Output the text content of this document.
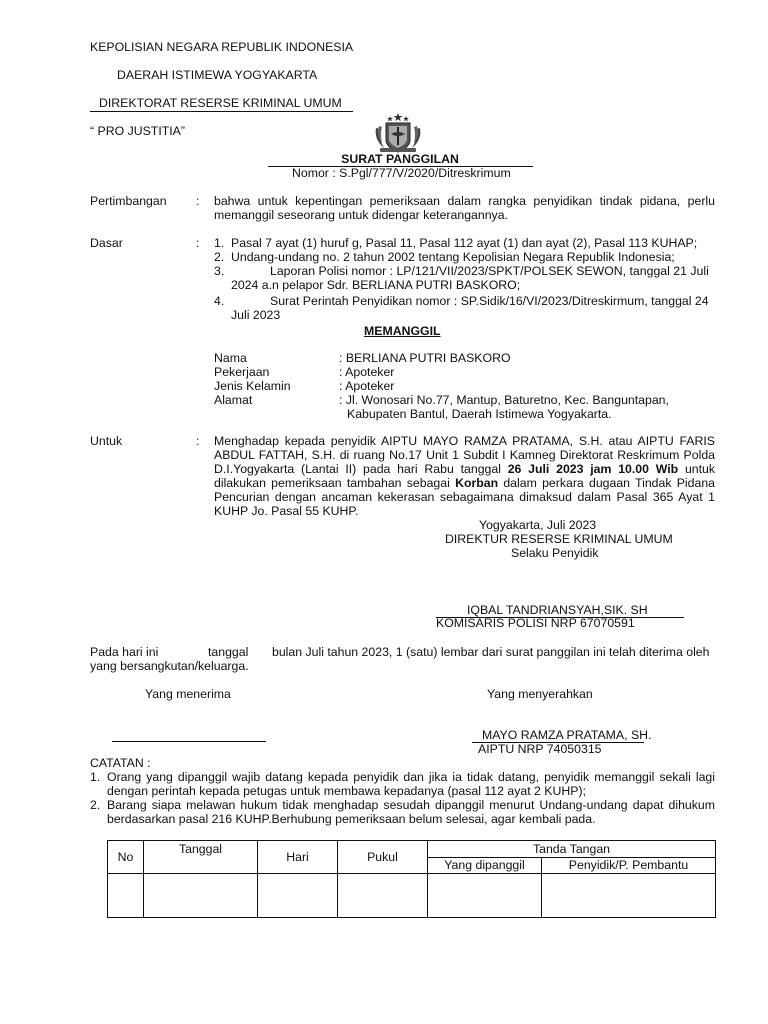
KEPOLISIAN NEGARA REPUBLIK INDONESIA
DAERAH ISTIMEWA YOGYAKARTA
DIREKTORAT RESERSE KRIMINAL UMUM
“ PRO JUSTITIA”
SURAT PANGGILAN
Nomor : S.Pgl/777/V/2020/Ditreskrimum
Pertimbangan : bahwa untuk kepentingan pemeriksaan dalam rangka penyidikan tindak pidana, perlu
memanggil seseorang untuk didengar keterangannya.
Dasar	: 1. Pasal 7 ayat (1) huruf g, Pasal 11, Pasal 112 ayat (1) dan ayat (2), Pasal 113 KUHAP;
2. Undang-undang no. 2 tahun 2002 tentang Kepolisian Negara Republik Indonesia;
3.	Laporan Polisi nomor : LP/121/VII/2023/SPKT/POLSEK SEWON, tanggal 21 Juli
2024 a.n pelapor Sdr. BERLIANA PUTRI BASKORO;
4.	Surat Perintah Penyidikan nomor : SP.Sidik/16/VI/2023/Ditreskirmum, tanggal 24
Juli 2023
MEMANGGIL
Nama	: BERLIANA PUTRI BASKORO
Pekerjaan	: Apoteker
Jenis Kelamin	: Apoteker
Alamat	: Jl. Wonosari No.77, Mantup, Baturetno, Kec. Banguntapan,
Kabupaten Bantul, Daerah Istimewa Yogyakarta.
Untuk	: Menghadap kepada penyidik AIPTU MAYO RAMZA PRATAMA, S.H. atau AIPTU FARIS
ABDUL FATTAH, S.H. di ruang No.17 Unit 1 Subdit I Kamneg Direktorat Reskrimum Polda
D.I.Yogyakarta (Lantai II) pada hari Rabu tanggal 26 Juli 2023 jam 10.00 Wib untuk
dilakukan pemeriksaan tambahan sebagai Korban dalam perkara dugaan Tindak Pidana
Pencurian dengan ancaman kekerasan sebagaimana dimaksud dalam Pasal 365 Ayat 1
KUHP Jo. Pasal 55 KUHP.
Yogyakarta, Juli 2023
DIREKTUR RESERSE KRIMINAL UMUM
Selaku Penyidik
IQBAL TANDRIANSYAH,SIK. SH
KOMISARIS POLISI NRP 67070591
Pada hari ini	tanggal bulan Juli tahun 2023, 1 (satu) lembar dari surat panggilan ini telah diterima oleh
yang bersangkutan/keluarga.
Yang menerima	Yang menyerahkan
MAYO RAMZA PRATAMA, SH.
AIPTU NRP 74050315
CATATAN :
1. Orang yang dipanggil wajib datang kepada penyidik dan jika ia tidak datang, penyidik memanggil sekali lagi
dengan perintah kepada petugas untuk membawa kepadanya (pasal 112 ayat 2 KUHP);
2. Barang siapa melawan hukum tidak menghadap sesudah dipanggil menurut Undang-undang dapat dihukum
berdasarkan pasal 216 KUHP.Berhubung pemeriksaan belum selesai, agar kembali pada.
No	Tanggal	Hari	Pukul	Tanda Tangan	
				Yang dipanggil	Penyidik/P. Pembantu
